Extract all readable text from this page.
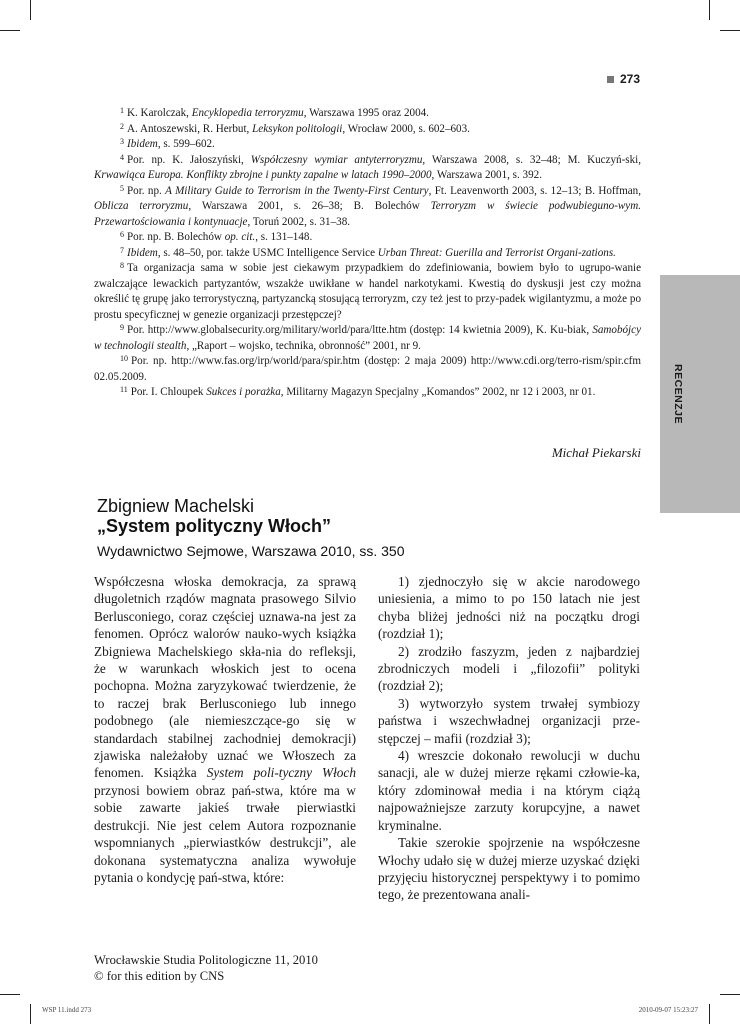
273
RECENZJE

$^1$ K. Karolczak, Encyklopedia terroryzmu, Warszawa 1995 oraz 2004.

$^2$ A. Antoszewski, R. Herbut, Leksykon politologii, Wrocław 2000, s. 602–603.

$^3$ Ibidem, s. 599–602.

$^4$ Por. np. K. Jałoszyński, Współczesny wymiar antyterroryzmu, Warszawa 2008, s. 32–48; M. Kuczyń-ski, Krwawiąca Europa. Konflikty zbrojne i punkty zapalne w latach 1990–2000, Warszawa 2001, s. 392.

$^5$ Por. np. A Military Guide to Terrorism in the Twenty-First Century, Ft. Leavenworth 2003, s. 12–13; B. Hoffman, Oblicza terroryzmu, Warszawa 2001, s. 26–38; B. Bolechów Terroryzm w świecie podwubieguno-wym. Przewartościowania i kontynuacje, Toruń 2002, s. 31–38.

$^6$ Por. np. B. Bolechów op. cit., s. 131–148.

$^7$ Ibidem, s. 48–50, por. także USMC Intelligence Service Urban Threat: Guerilla and Terrorist Organi-zations.

$^8$ Ta organizacja sama w sobie jest ciekawym przypadkiem do zdefiniowania, bowiem było to ugrupo-wanie zwalczające lewackich partyzantów, wszakże uwikłane w handel narkotykami. Kwestią do dyskusji jest czy można określić tę grupę jako terrorystyczną, partyzancką stosującą terroryzm, czy też jest to przy-padek wigilantyzmu, a może po prostu specyficznej w genezie organizacji przestępczej?

$^9$ Por. http://www.globalsecurity.org/military/world/para/ltte.htm (dostęp: 14 kwietnia 2009), K. Ku-biak, Samobójcy w technologii stealth, „Raport – wojsko, technika, obronność” 2001, nr 9.

$^{10}$ Por. np. http://www.fas.org/irp/world/para/spir.htm (dostęp: 2 maja 2009) http://www.cdi.org/terro-rism/spir.cfm 02.05.2009.

$^{11}$ Por. I. Chloupek Sukces i porażka, Militarny Magazyn Specjalny „Komandos” 2002, nr 12 i 2003, nr 01.

Michał Piekarski
Zbigniew Machelski
„System polityczny Włoch”
Wydawnictwo Sejmowe, Warszawa 2010, ss. 350

Współczesna włoska demokracja, za sprawą długoletnich rządów magnata prasowego Silvio Berlusconiego, coraz częściej uznawa-na jest za fenomen. Oprócz walorów nauko-wych książka Zbigniewa Machelskiego skła-nia do refleksji, że w warunkach włoskich jest to ocena pochopna. Można zaryzykować twierdzenie, że to raczej brak Berlusconiego lub innego podobnego (ale niemieszczące-go się w standardach stabilnej zachodniej demokracji) zjawiska należałoby uznać we Włoszech za fenomen. Książka System poli-tyczny Włoch przynosi bowiem obraz pań-stwa, które ma w sobie zawarte jakieś trwałe pierwiastki destrukcji. Nie jest celem Autora rozpoznanie wspomnianych „pierwiastków destrukcji”, ale dokonana systematyczna analiza wywołuje pytania o kondycję pań-stwa, które:

1) zjednoczyło się w akcie narodowego uniesienia, a mimo to po 150 latach nie jest chyba bliżej jedności niż na początku drogi (rozdział 1);

2) zrodziło faszyzm, jeden z najbardziej zbrodniczych modeli i „filozofii” polityki (rozdział 2);

3) wytworzyło system trwałej symbiozy państwa i wszechwładnej organizacji prze-stępczej – mafii (rozdział 3);

4) wreszcie dokonało rewolucji w duchu sanacji, ale w dużej mierze rękami człowie-ka, który zdominował media i na którym ciążą najpoważniejsze zarzuty korupcyjne, a nawet kryminalne.

Takie szerokie spojrzenie na współczesne Włochy udało się w dużej mierze uzyskać dzięki przyjęciu historycznej perspektywy i to pomimo tego, że prezentowana anali-

Wrocławskie Studia Politologiczne 11, 2010
© for this edition by CNS
WSP 11.indd 273	2010-09-07 15:23:27
